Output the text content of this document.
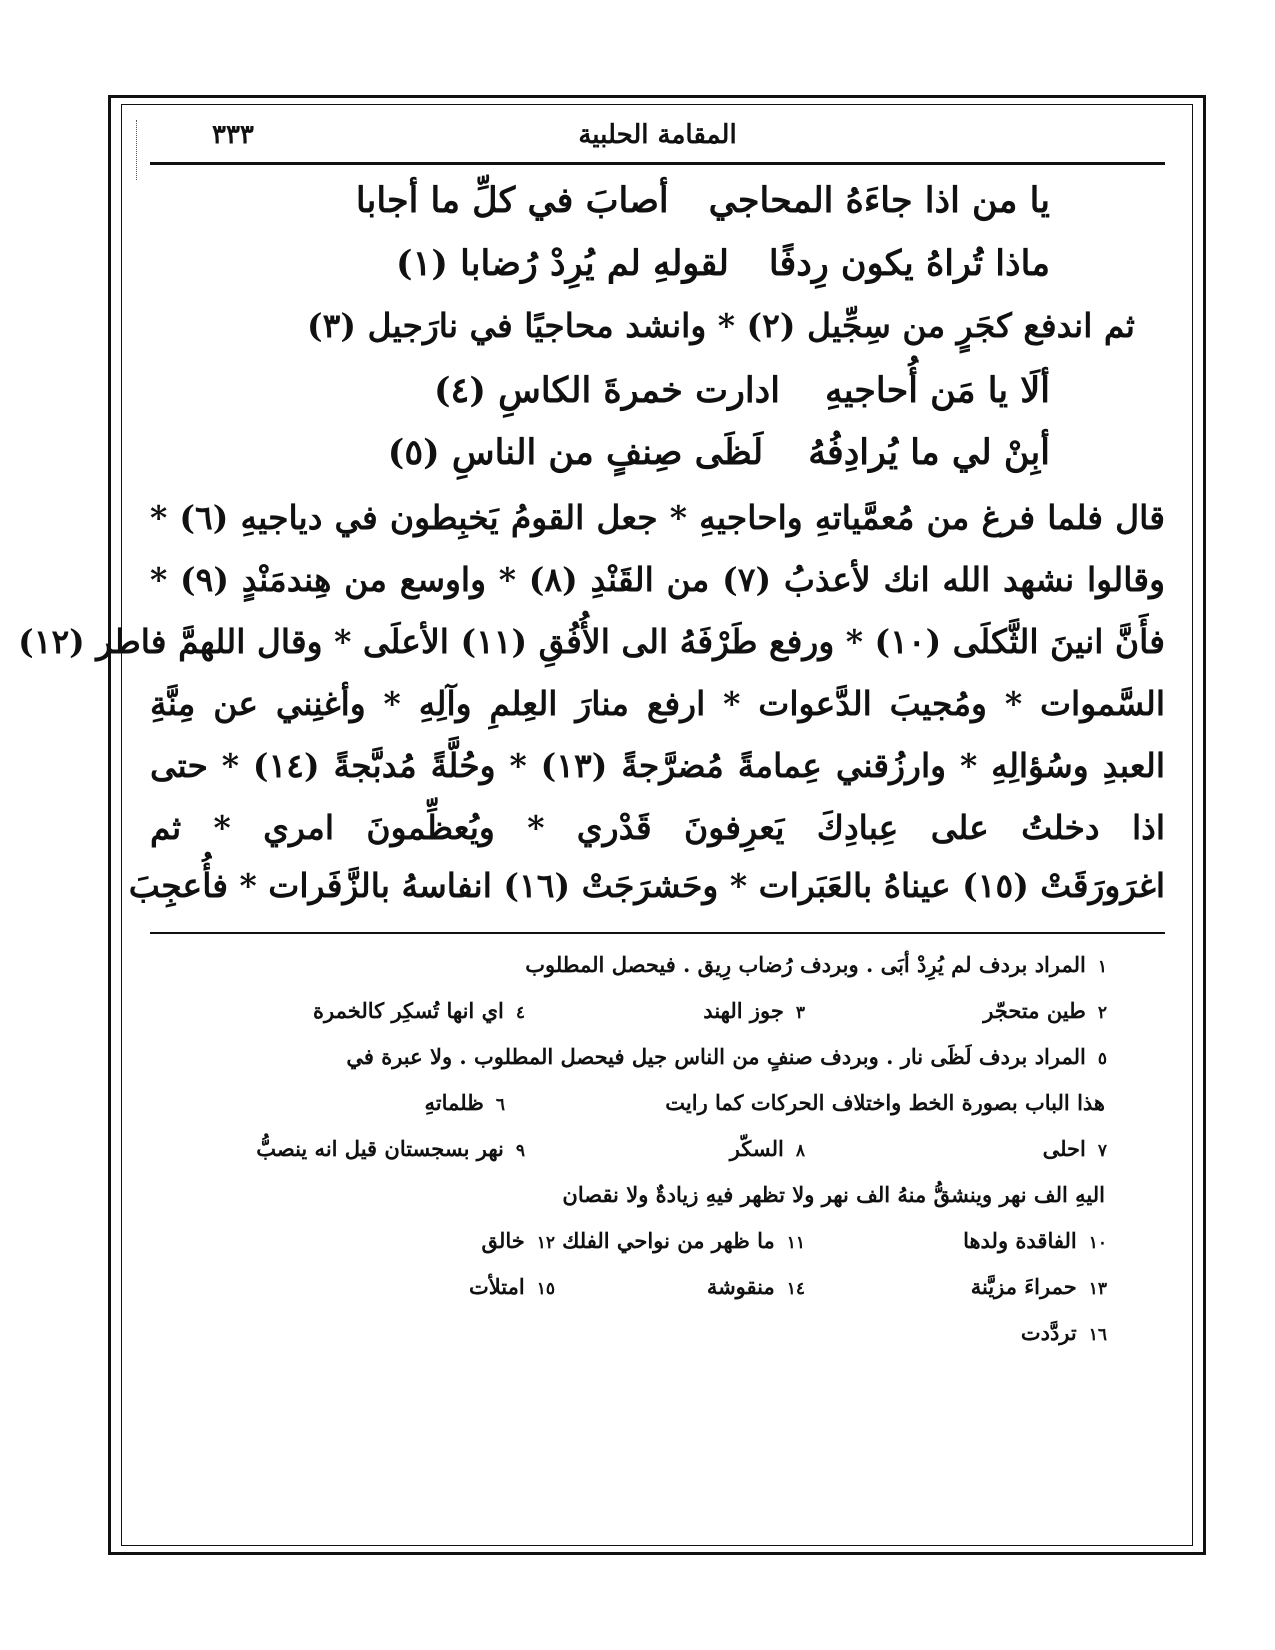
المقامة الحلبية
٣٣٣
يا من اذا جاءَهُ المحاجي
أصابَ في كلِّ ما أجابا
ماذا تُراهُ يكون رِدفًا
لقولهِ لم يُرِدْ رُضابا (١)
ثم اندفع كجَرٍ من سِجِّيل (٢) * وانشد محاجيًا في نارَجيل (٣)
ألَا يا مَن أُحاجيهِ
ادارت خمرةَ الكاسِ (٤)
أبِنْ لي ما يُرادِفُهُ
لَظَى صِنفٍ من الناسِ (٥)
قال فلما فرغ من مُعمَّياتهِ واحاجيهِ * جعل القومُ يَخبِطون في دياجيهِ (٦) *
وقالوا نشهد الله انك لأعذبُ (٧) من القَنْدِ (٨) * واوسع من هِندمَنْدٍ (٩) *
فأَنَّ انينَ الثَّكلَى (١٠) * ورفع طَرْفَهُ الى الأُفُقِ (١١) الأعلَى * وقال اللهمَّ فاطر (١٢)
السَّموات * ومُجيبَ الدَّعوات * ارفع منارَ العِلمِ وآلِهِ * وأغنِني عن مِنَّةِ
العبدِ وسُؤالِهِ * وارزُقني عِمامةً مُضرَّجةً (١٣) * وحُلَّةً مُدبَّجةً (١٤) * حتى
اذا دخلتُ على عِبادِكَ يَعرِفونَ قَدْري * ويُعظِّمونَ امري * ثم
اغرَورَقَتْ (١٥) عيناهُ بالعَبَرات * وحَشرَجَتْ (١٦) انفاسهُ بالزَّفَرات * فأُعجِبَ
١المراد بردف لم يُرِدْ أبَى . وبردف رُضاب رِيق . فيحصل المطلوب
٢طين متحجّر
٣جوز الهند
٤اي انها تُسكِر كالخمرة
٥المراد بردف لَظَى نار . وبردف صنفٍ من الناس جيل فيحصل المطلوب . ولا عبرة في
هذا الباب بصورة الخط واختلاف الحركات كما رايت
٦ظلماتهِ
٧احلى
٨السكّر
٩نهر بسجستان قيل انه ينصبُّ
اليهِ الف نهر وينشقُّ منهُ الف نهر ولا تظهر فيهِ زيادةٌ ولا نقصان
١٠الفاقدة ولدها
١١ما ظهر من نواحي الفلك
١٢خالق
١٣حمراءَ مزيَّنة
١٤منقوشة
١٥امتلأت
١٦تردَّدت
